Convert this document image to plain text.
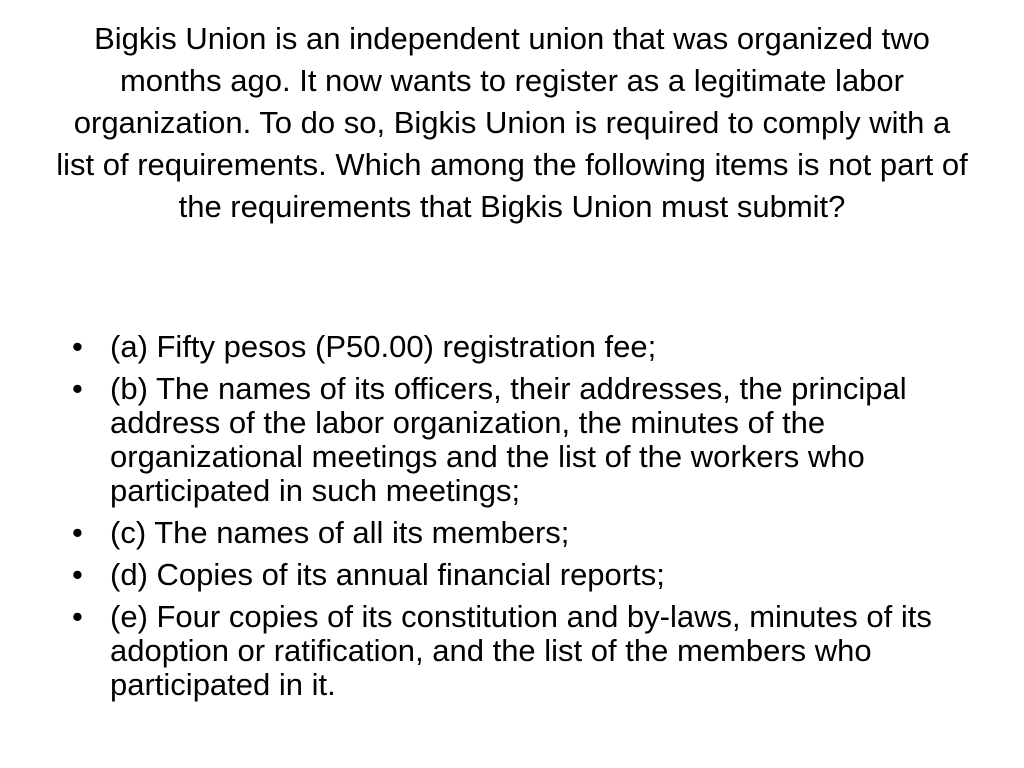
Bigkis Union is an independent union that was organized two months ago. It now wants to register as a legitimate labor organization. To do so, Bigkis Union is required to comply with a list of requirements. Which among the following items is not part of the requirements that Bigkis Union must submit?
• (a) Fifty pesos (P50.00) registration fee;
• (b) The names of its officers, their addresses, the principal address of the labor organization, the minutes of the organizational meetings and the list of the workers who participated in such meetings;
• (c) The names of all its members;
• (d) Copies of its annual financial reports;
• (e) Four copies of its constitution and by-laws, minutes of its adoption or ratification, and the list of the members who participated in it.
